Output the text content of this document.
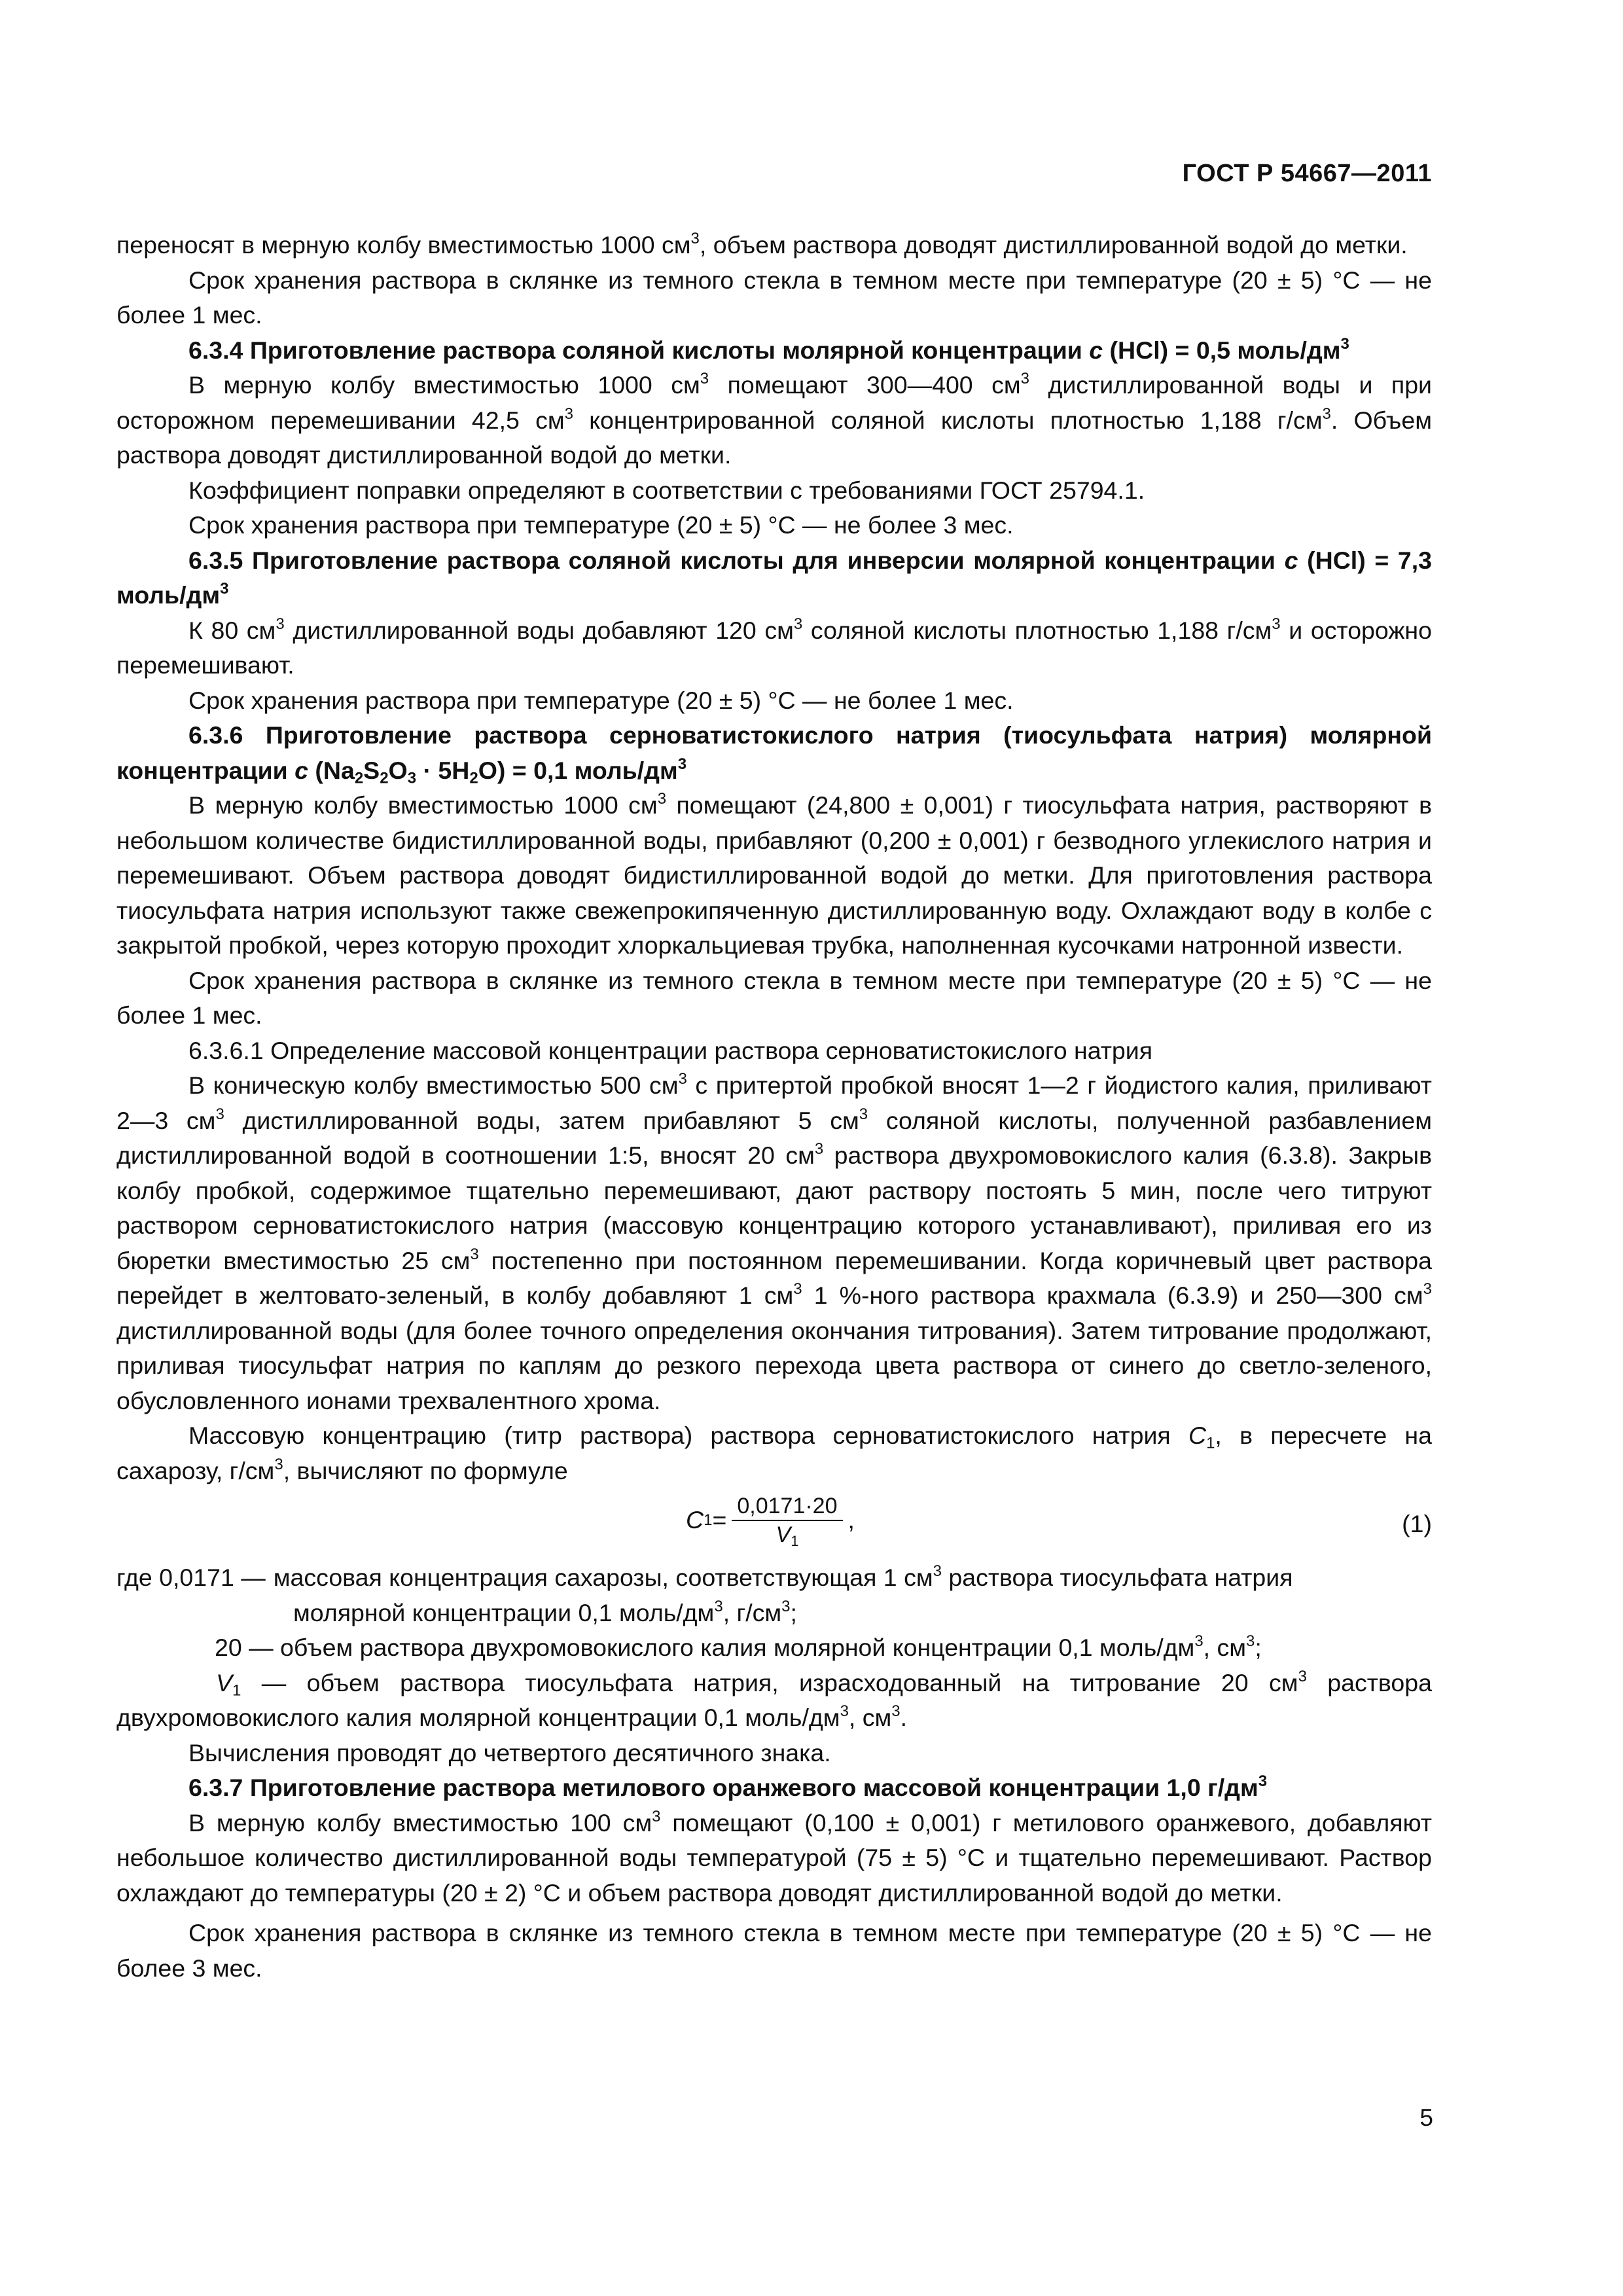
ГОСТ Р 54667—2011

переносят в мерную колбу вместимостью 1000 $см^3$, объем раствора доводят дистиллированной водой до метки.

Срок хранения раствора в склянке из темного стекла в темном месте при температуре (20 ± 5) °С — не более 1 мес.

6.3.4 Приготовление раствора соляной кислоты молярной концентрации с (HCl) = 0,5 моль/$дм^3$

В мерную колбу вместимостью 1000 $см^3$ помещают 300—400 $см^3$ дистиллированной воды и при осторожном перемешивании 42,5 $см^3$ концентрированной соляной кислоты плотностью 1,188 $г/см^3$. Объем раствора доводят дистиллированной водой до метки.

Коэффициент поправки определяют в соответствии с требованиями ГОСТ 25794.1.

Срок хранения раствора при температуре (20 ± 5) °С — не более 3 мес.

6.3.5 Приготовление раствора соляной кислоты для инверсии молярной концентрации с (HCl) = 7,3 моль/$дм^3$

К 80 $см^3$ дистиллированной воды добавляют 120 $см^3$ соляной кислоты плотностью 1,188 $г/см^3$ и осторожно перемешивают.

Срок хранения раствора при температуре (20 ± 5) °С — не более 1 мес.

6.3.6 Приготовление раствора серноватистокислого натрия (тиосульфата натрия) молярной концентрации с $(Na_2S_2O_3 \cdot 5H_2O) = 0,1$ моль/$дм^3$

В мерную колбу вместимостью 1000 $см^3$ помещают (24,800 ± 0,001) г тиосульфата натрия, растворяют в небольшом количестве бидистиллированной воды, прибавляют (0,200 ± 0,001) г безводного углекислого натрия и перемешивают. Объем раствора доводят бидистиллированной водой до метки. Для приготовления раствора тиосульфата натрия используют также свежепрокипяченную дистиллированную воду. Охлаждают воду в колбе с закрытой пробкой, через которую проходит хлоркальциевая трубка, наполненная кусочками натронной извести.

Срок хранения раствора в склянке из темного стекла в темном месте при температуре (20 ± 5) °С — не более 1 мес.

6.3.6.1 Определение массовой концентрации раствора серноватистокислого натрия

В коническую колбу вместимостью 500 $см^3$ с притертой пробкой вносят 1—2 г йодистого калия, приливают 2—3 $см^3$ дистиллированной воды, затем прибавляют 5 $см^3$ соляной кислоты, полученной разбавлением дистиллированной водой в соотношении 1:5, вносят 20 $см^3$ раствора двухромовокислого калия (6.3.8). Закрыв колбу пробкой, содержимое тщательно перемешивают, дают раствору постоять 5 мин, после чего титруют раствором серноватистокислого натрия (массовую концентрацию которого устанавливают), приливая его из бюретки вместимостью 25 $см^3$ постепенно при постоянном перемешивании. Когда коричневый цвет раствора перейдет в желтовато-зеленый, в колбу добавляют 1 $см^3$ 1 %-ного раствора крахмала (6.3.9) и 250—300 $см^3$ дистиллированной воды (для более точного определения окончания титрования). Затем титрование продолжают, приливая тиосульфат натрия по каплям до резкого перехода цвета раствора от синего до светло-зеленого, обусловленного ионами трехвалентного хрома.

Массовую концентрацию (титр раствора) раствора серноватистокислого натрия $С_1$, в пересчете на сахарозу, $г/см^3$, вычисляют по формуле

С $1 = \frac{0,0171\cdot 20}{V_1}$ ,	(1)
где 0,0171 — массовая концентрация сахарозы, соответствующая 1 $см^3$ раствора тиосульфата натрия

молярной концентрации 0,1 моль/$дм^3$, $г/см^3$;

20 — объем раствора двухромовокислого калия молярной концентрации 0,1 моль/$дм^3$, $см^3$;

$V_1$ — объем раствора тиосульфата натрия, израсходованный на титрование 20 $см^3$ раствора двухромовокислого калия молярной концентрации 0,1 моль/$дм^3$, $см^3$.

Вычисления проводят до четвертого десятичного знака.

6.3.7 Приготовление раствора метилового оранжевого массовой концентрации 1,0 $г/дм^3$

В мерную колбу вместимостью 100 $см^3$ помещают (0,100 ± 0,001) г метилового оранжевого, добавляют небольшое количество дистиллированной воды температурой (75 ± 5) °С и тщательно перемешивают. Раствор охлаждают до температуры (20 ± 2) °С и объем раствора доводят дистиллированной водой до метки.

Срок хранения раствора в склянке из темного стекла в темном месте при температуре (20 ± 5) °С — не более 3 мес.

5
